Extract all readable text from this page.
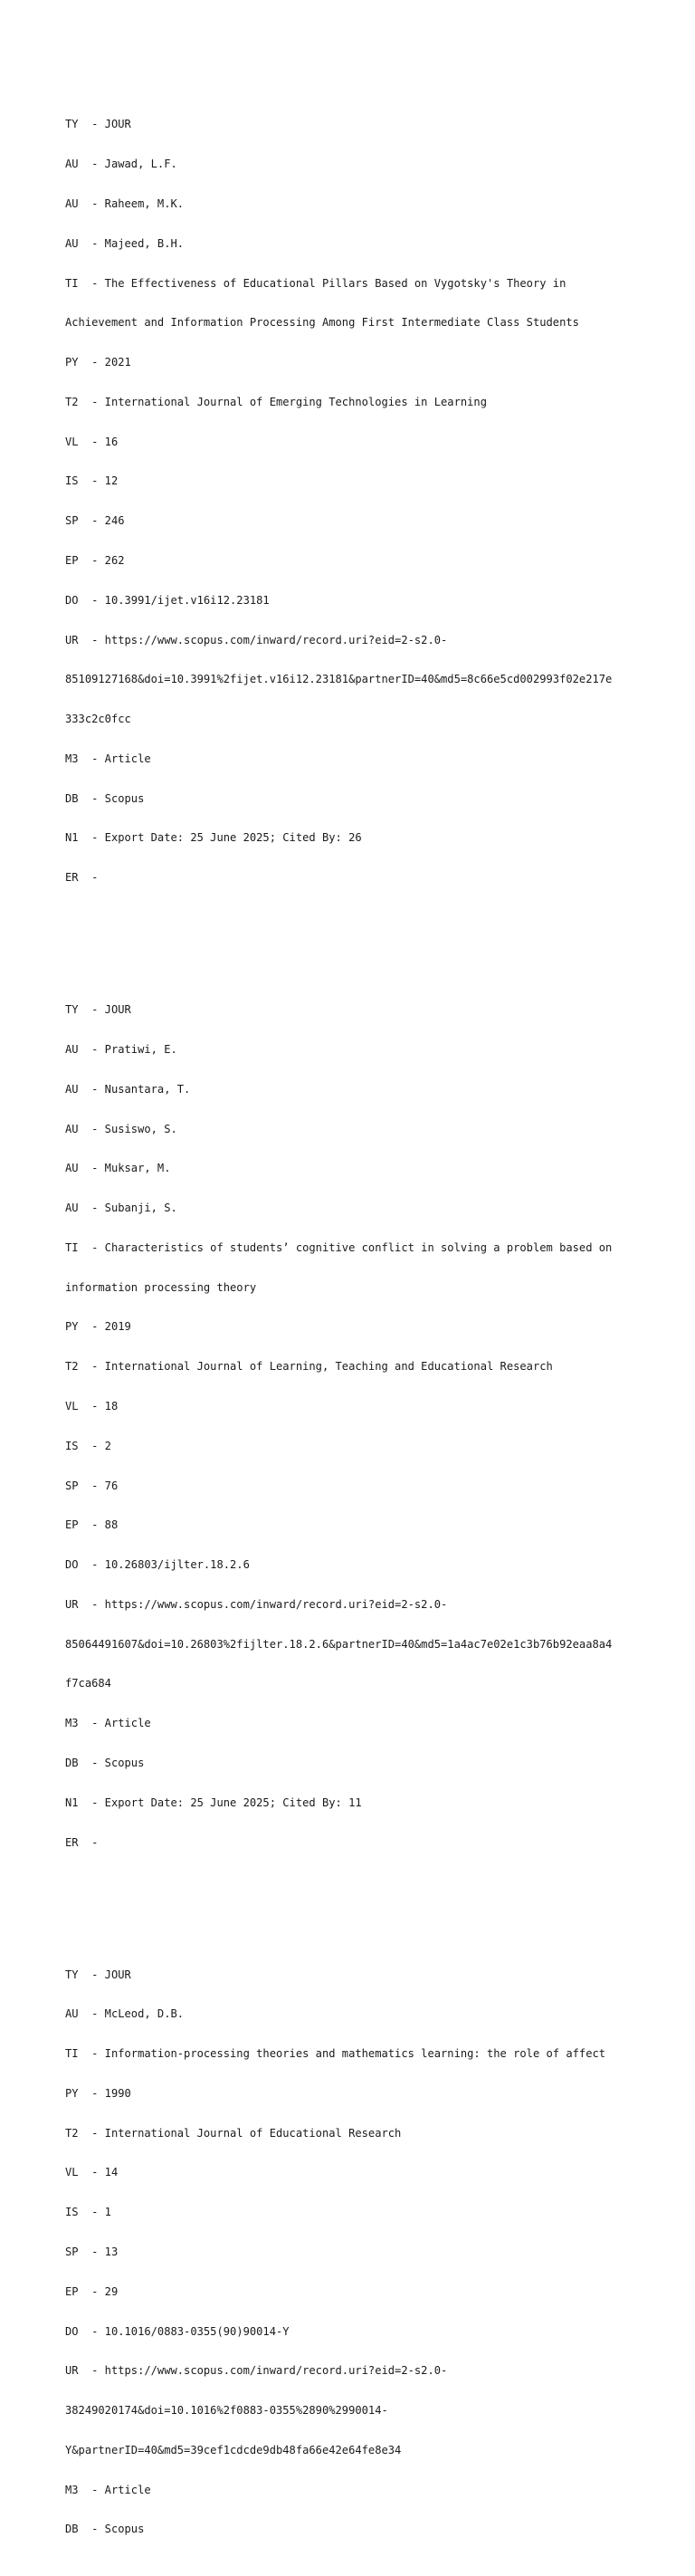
TY  - JOUR

AU  - Jawad, L.F.

AU  - Raheem, M.K.

AU  - Majeed, B.H.

TI  - The Effectiveness of Educational Pillars Based on Vygotsky's Theory in

Achievement and Information Processing Among First Intermediate Class Students

PY  - 2021

T2  - International Journal of Emerging Technologies in Learning

VL  - 16

IS  - 12

SP  - 246

EP  - 262

DO  - 10.3991/ijet.v16i12.23181

UR  - https://www.scopus.com/inward/record.uri?eid=2-s2.0-

85109127168&doi=10.3991%2fijet.v16i12.23181&partnerID=40&md5=8c66e5cd002993f02e217e

333c2c0fcc

M3  - Article

DB  - Scopus

N1  - Export Date: 25 June 2025; Cited By: 26

ER  -

TY  - JOUR

AU  - Pratiwi, E.

AU  - Nusantara, T.

AU  - Susiswo, S.

AU  - Muksar, M.

AU  - Subanji, S.

TI  - Characteristics of students’ cognitive conflict in solving a problem based on

information processing theory

PY  - 2019

T2  - International Journal of Learning, Teaching and Educational Research

VL  - 18

IS  - 2

SP  - 76

EP  - 88

DO  - 10.26803/ijlter.18.2.6

UR  - https://www.scopus.com/inward/record.uri?eid=2-s2.0-

85064491607&doi=10.26803%2fijlter.18.2.6&partnerID=40&md5=1a4ac7e02e1c3b76b92eaa8a4

f7ca684

M3  - Article

DB  - Scopus

N1  - Export Date: 25 June 2025; Cited By: 11

ER  -

TY  - JOUR

AU  - McLeod, D.B.

TI  - Information-processing theories and mathematics learning: the role of affect

PY  - 1990

T2  - International Journal of Educational Research

VL  - 14

IS  - 1

SP  - 13

EP  - 29

DO  - 10.1016/0883-0355(90)90014-Y

UR  - https://www.scopus.com/inward/record.uri?eid=2-s2.0-

38249020174&doi=10.1016%2f0883-0355%2890%2990014-

Y&partnerID=40&md5=39cef1cdcde9db48fa66e42e64fe8e34

M3  - Article

DB  - Scopus
